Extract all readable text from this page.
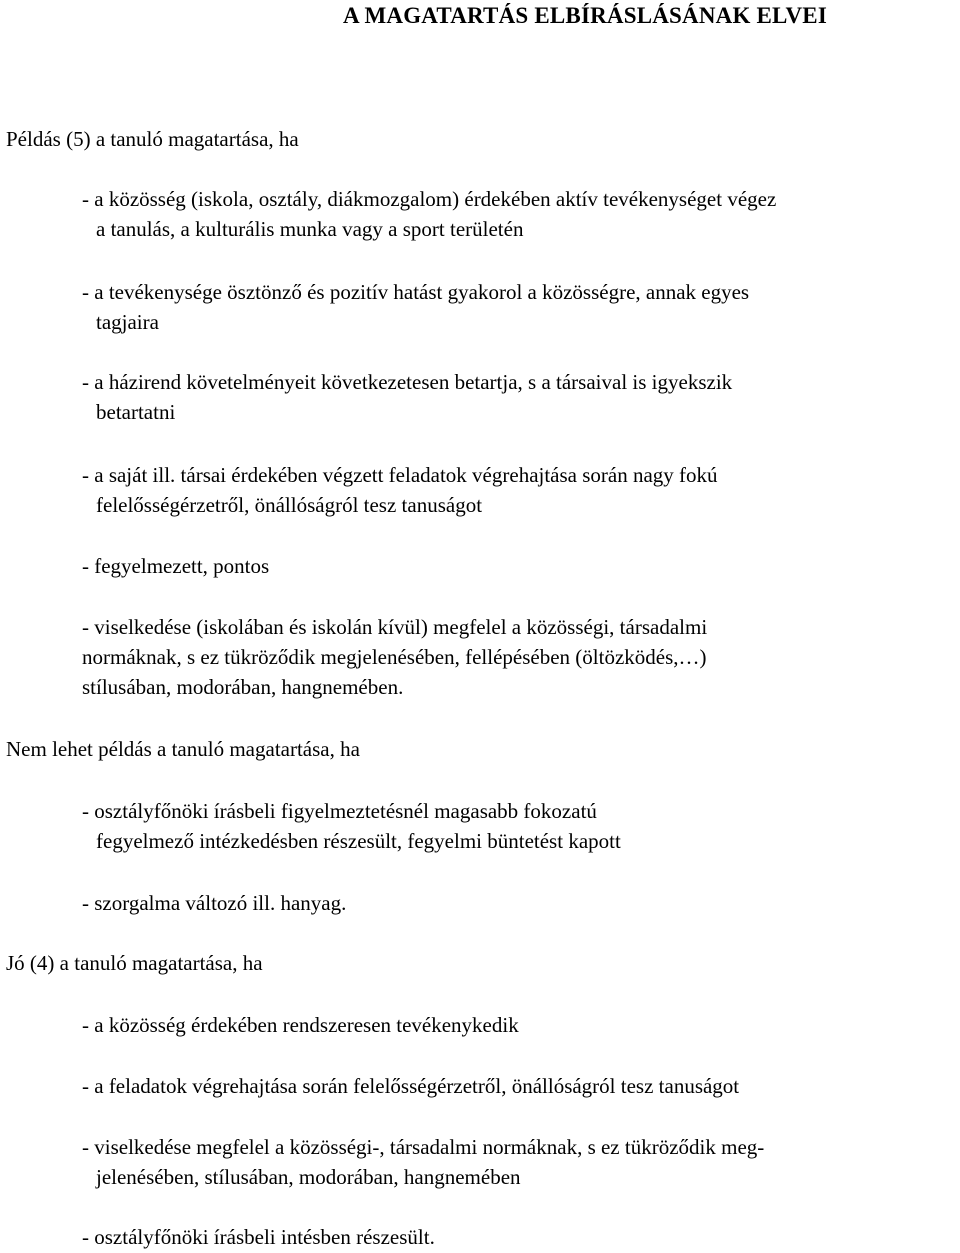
A MAGATARTÁS ELBÍRÁSLÁSÁNAK ELVEI
Példás (5) a tanuló magatartása, ha
- a közösség (iskola, osztály, diákmozgalom) érdekében aktív tevékenységet végez
a tanulás, a kulturális munka vagy a sport területén
- a tevékenysége ösztönző és pozitív hatást gyakorol a közösségre, annak egyes
tagjaira
- a házirend követelményeit következetesen betartja, s a társaival is igyekszik
betartatni
- a saját ill. társai érdekében végzett feladatok végrehajtása során nagy fokú
felelősségérzetről, önállóságról tesz tanuságot
- fegyelmezett, pontos
- viselkedése (iskolában és iskolán kívül) megfelel a közösségi, társadalmi
normáknak, s ez tükröződik megjelenésében, fellépésében (öltözködés,…)
stílusában, modorában, hangnemében.
Nem lehet példás a tanuló magatartása, ha
- osztályfőnöki írásbeli figyelmeztetésnél magasabb fokozatú
fegyelmező intézkedésben részesült, fegyelmi büntetést kapott
- szorgalma változó ill. hanyag.
Jó (4) a tanuló magatartása, ha
- a közösség érdekében rendszeresen tevékenykedik
- a feladatok végrehajtása során felelősségérzetről, önállóságról tesz tanuságot
- viselkedése megfelel a közösségi-, társadalmi normáknak, s ez tükröződik meg-
jelenésében, stílusában, modorában, hangnemében
- osztályfőnöki írásbeli intésben részesült.
